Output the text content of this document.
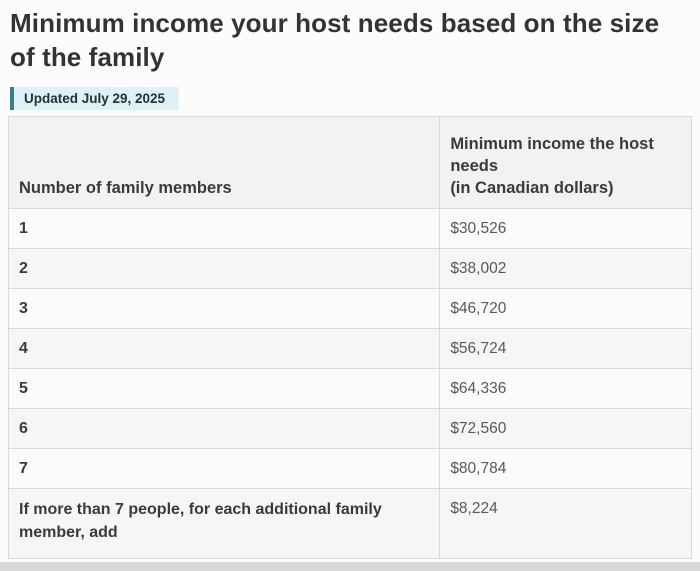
Minimum income your host needs based on the size of the family
Updated July 29, 2025
Number of family members	Minimum income the host needs
(in Canadian dollars)
1	$30,526
2	$38,002
3	$46,720
4	$56,724
5	$64,336
6	$72,560
7	$80,784
If more than 7 people, for each additional family member, add	$8,224
